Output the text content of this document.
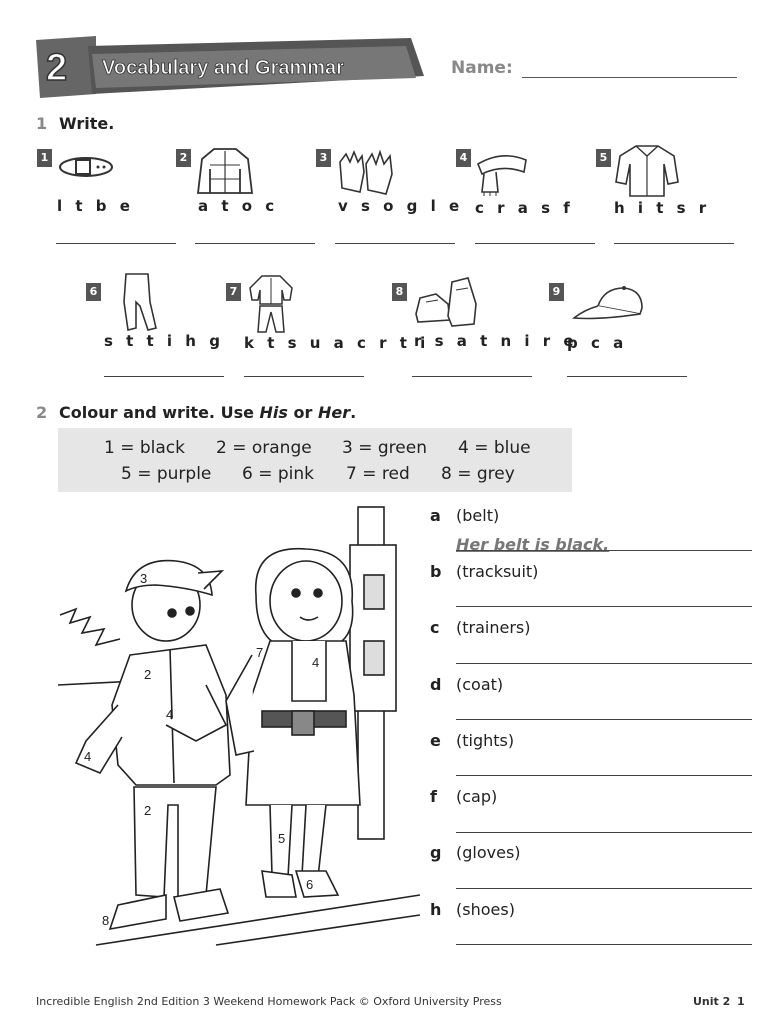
2 Vocabulary and Grammar	Name:
1 Write.
1
l t b e
2
a t o c
3
v s o g l e
4
c r a s f
5
h i t s r
6
s t t i h g
7
k t s u a c r t i
8
r s a t n i r e
9
p c a
2 Colour and write. Use His or Her.
1 = black 2 = orange 3 = green 4 = blue
5 = purple 6 = pink 7 = red 8 = grey
3
2
4
4
2
8
7
4
5
6
a (belt)
Her belt is black.
b (tracksuit)
c (trainers)
d (coat)
e (tights)
f (cap)
g (gloves)
h (shoes)
Incredible English 2nd Edition 3 Weekend Homework Pack © Oxford University Press	Unit 2 1
